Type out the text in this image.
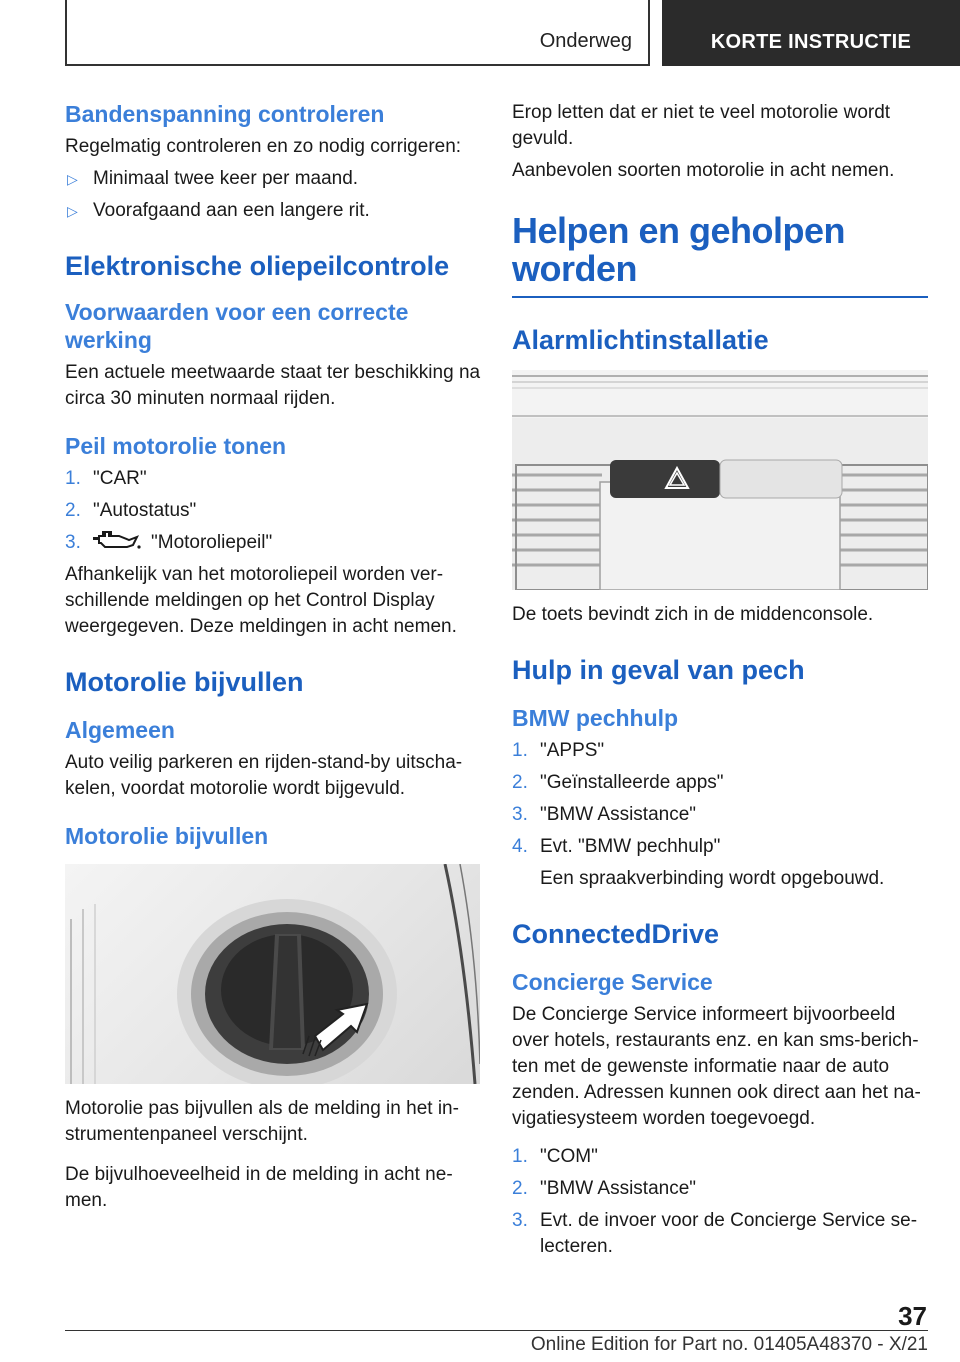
Onderweg	KORTE INSTRUCTIE
Bandenspanning controleren

Regelmatig controleren en zo nodig corrigeren:

▷ Minimaal twee keer per maand.
▷ Voorafgaand aan een langere rit.
Elektronische oliepeilcontrole
Voorwaarden voor een correcte werking

Een actuele meetwaarde staat ter beschikking na circa 30 minuten normaal rijden.

Peil motorolie tonen
1. "CAR"
2. "Autostatus"
3.	"Motoroliepeil"

Afhankelijk van het motoroliepeil worden verschillende meldingen op het Control Display weergegeven. Deze meldingen in acht nemen.

Motorolie bijvullen
Algemeen

Auto veilig parkeren en rijden-stand-by uitschakelen, voordat motorolie wordt bijgevuld.

Motorolie bijvullen

Motorolie pas bijvullen als de melding in het instrumentenpaneel verschijnt.

De bijvulhoeveelheid in de melding in acht nemen.

Erop letten dat er niet te veel motorolie wordt gevuld.

Aanbevolen soorten motorolie in acht nemen.

Helpen en geholpen worden
Alarmlichtinstallatie

De toets bevindt zich in de middenconsole.

Hulp in geval van pech
BMW pechhulp
1. "APPS"
2. "Geïnstalleerde apps"
3. "BMW Assistance"
4. Evt. "BMW pechhulp"

Een spraakverbinding wordt opgebouwd.
ConnectedDrive
Concierge Service

De Concierge Service informeert bijvoorbeeld over hotels, restaurants enz. en kan sms-berichten met de gewenste informatie naar de auto zenden. Adressen kunnen ook direct aan het navigatiesysteem worden toegevoegd.

1. "COM"
2. "BMW Assistance"
3. Evt. de invoer voor de Concierge Service selecteren.
37
Online Edition for Part no. 01405A48370 - X/21
